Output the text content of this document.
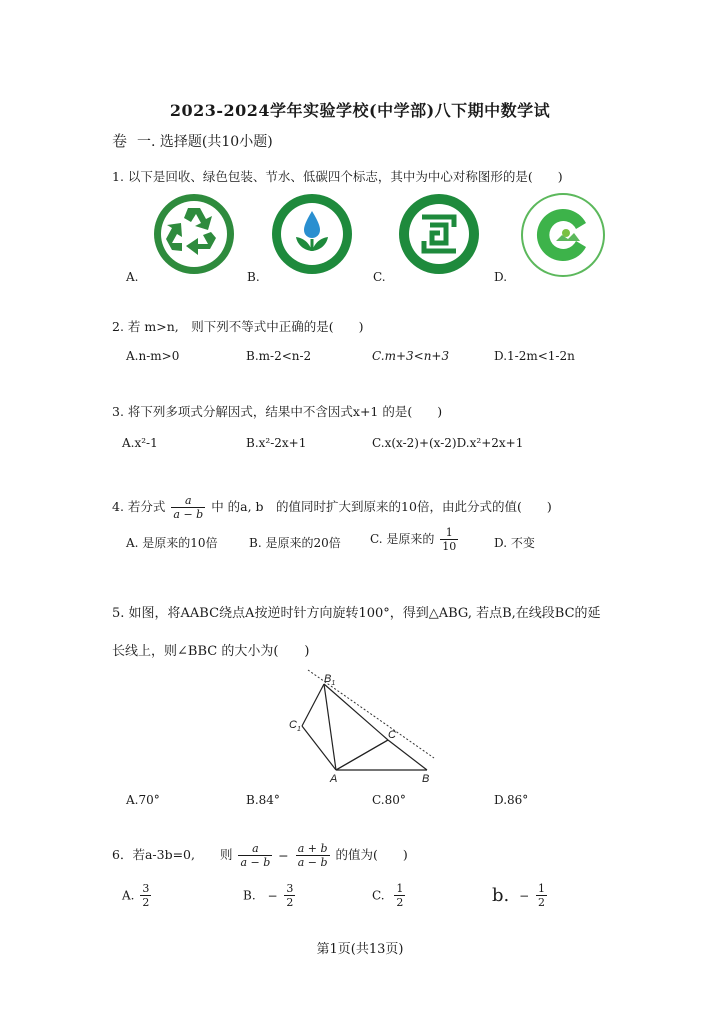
2023-2024学年实验学校(中学部)八下期中数学试
卷 一. 选择题(共10小题)
1. 以下是回收、绿色包装、节水、低碳四个标志，其中为中心对称图形的是(　　)
A.	B.	C.	D.
2. 若 m>n,　则下列不等式中正确的是(　　)
A.n-m>0	B.m-2<n-2	C.m+3<n+3	D.1-2m<1-2n
3. 将下列多项式分解因式，结果中不含因式x+1 的是(　　)
A.x²-1	B.x²-2x+1	C.x(x-2)+(x-2)D.x²+2x+1
4. 若分式 $\frac{a}{a - b}$ 中 的a, b　的值同时扩大到原来的10倍，由此分式的值(　　)
A. 是原来的10倍	B. 是原来的20倍 C. 是原来的 $\frac{1}{10}$	D. 不变
5. 如图，将AABC绕点A按逆时针方向旋转100°，得到△ABG, 若点B,在线段BC的延
长线上，则∠BBC 的大小为(　　)
$B_1$
$C_1$	C
A	B
A.70°	B.84°	C.80°	D.86°
6．若a-3b=0,　　则 $\frac{a}{a - b} - \frac{a + b}{a - b}$ 的值为(　　)
A. $\frac{3}{2}$	B. − $\frac{3}{2}$	C. $\frac{1}{2}$	b. − $\frac{1}{2}$
第1页(共13页)
